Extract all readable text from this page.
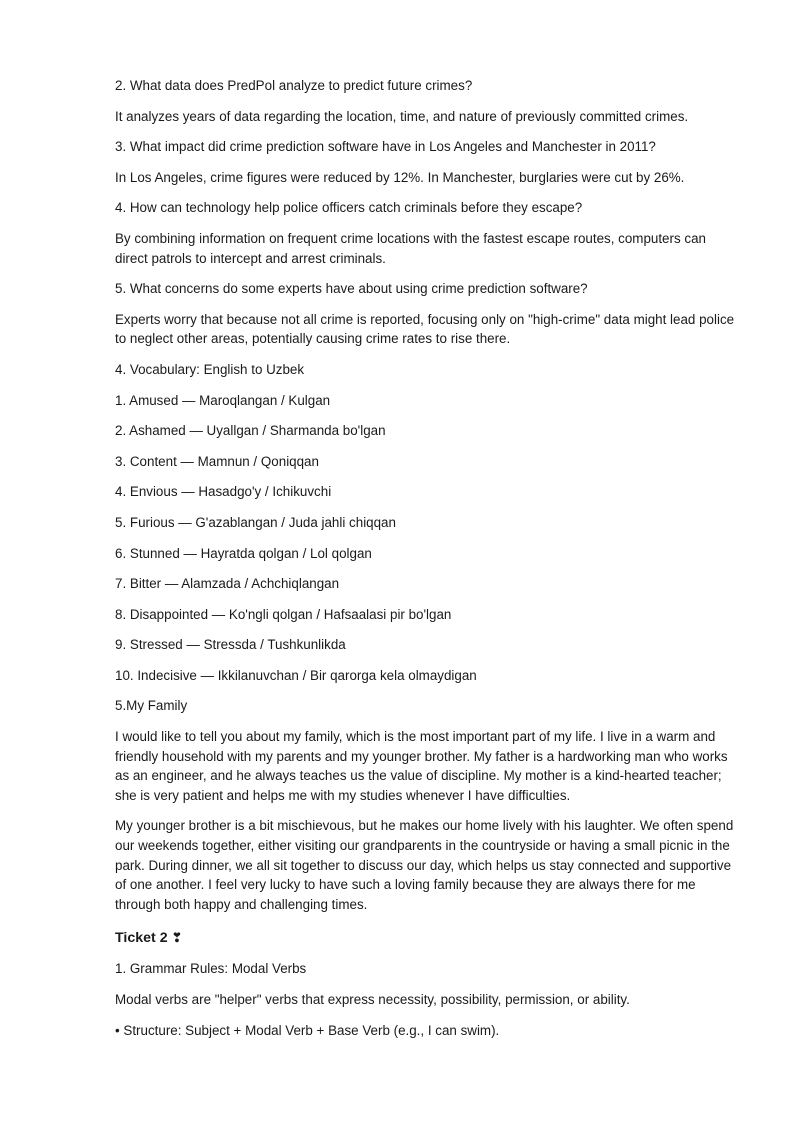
2. What data does PredPol analyze to predict future crimes?

It analyzes years of data regarding the location, time, and nature of previously committed crimes.

3. What impact did crime prediction software have in Los Angeles and Manchester in 2011?

In Los Angeles, crime figures were reduced by 12%. In Manchester, burglaries were cut by 26%.

4. How can technology help police officers catch criminals before they escape?

By combining information on frequent crime locations with the fastest escape routes, computers can direct patrols to intercept and arrest criminals.

5. What concerns do some experts have about using crime prediction software?

Experts worry that because not all crime is reported, focusing only on "high-crime" data might lead police to neglect other areas, potentially causing crime rates to rise there.

4. Vocabulary: English to Uzbek

1. Amused — Maroqlangan / Kulgan

2. Ashamed — Uyallgan / Sharmanda bo'lgan

3. Content — Mamnun / Qoniqqan

4. Envious — Hasadgo'y / Ichikuvchi

5. Furious — G'azablangan / Juda jahli chiqqan

6. Stunned — Hayratda qolgan / Lol qolgan

7. Bitter — Alamzada / Achchiqlangan

8. Disappointed — Ko'ngli qolgan / Hafsaalasi pir bo'lgan

9. Stressed — Stressda / Tushkunlikda

10. Indecisive — Ikkilanuvchan / Bir qarorga kela olmaydigan

5.My Family

I would like to tell you about my family, which is the most important part of my life. I live in a warm and friendly household with my parents and my younger brother. My father is a hardworking man who works as an engineer, and he always teaches us the value of discipline. My mother is a kind-hearted teacher; she is very patient and helps me with my studies whenever I have difficulties.

My younger brother is a bit mischievous, but he makes our home lively with his laughter. We often spend our weekends together, either visiting our grandparents in the countryside or having a small picnic in the park. During dinner, we all sit together to discuss our day, which helps us stay connected and supportive of one another. I feel very lucky to have such a loving family because they are always there for me through both happy and challenging times.

Ticket 2 ❣

1. Grammar Rules: Modal Verbs

Modal verbs are "helper" verbs that express necessity, possibility, permission, or ability.

• Structure: Subject + Modal Verb + Base Verb (e.g., I can swim).
